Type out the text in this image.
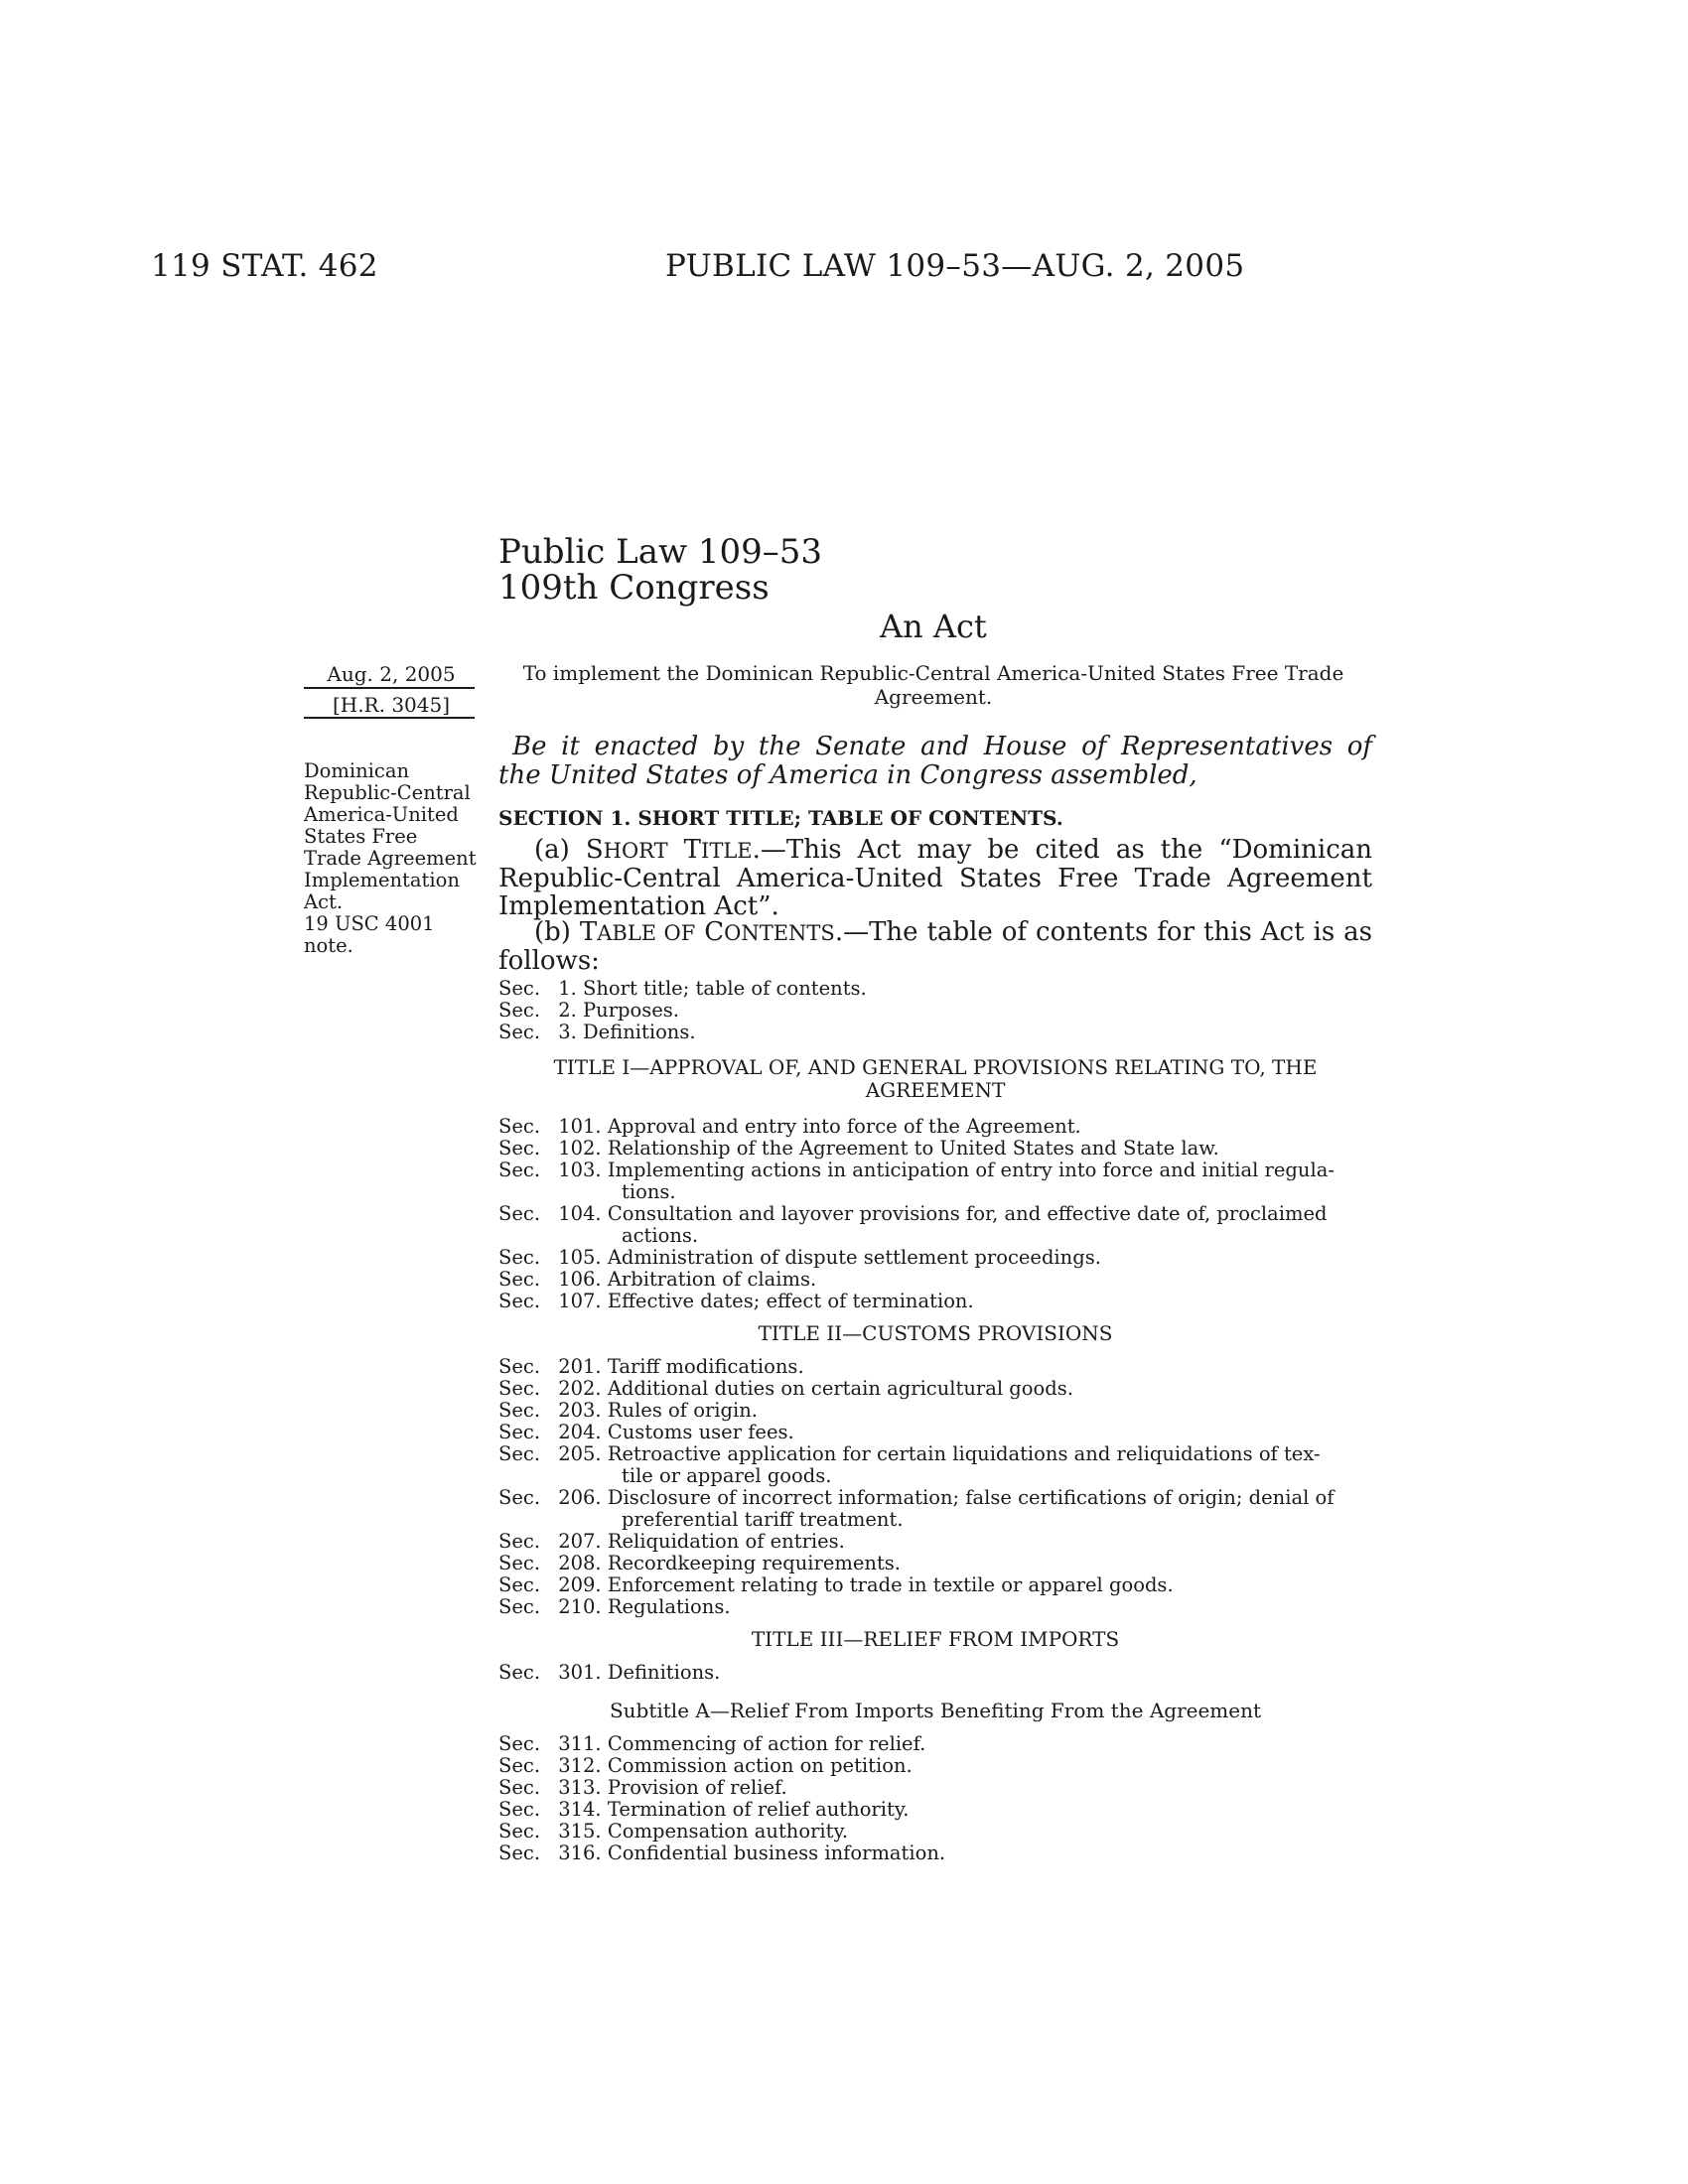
119 STAT. 462	PUBLIC LAW 109–53—AUG. 2, 2005
Public Law 109–53
109th Congress
An Act
Aug. 2, 2005
[H.R. 3045]
Dominican
Republic-Central
America-United
States Free
Trade Agreement
Implementation
Act.
19 USC 4001
note.
To implement the Dominican Republic-Central America-United States Free Trade
Agreement.
Be it enacted by the Senate and House of Representatives of
the United States of America in Congress assembled,
SECTION 1. SHORT TITLE; TABLE OF CONTENTS.
(a) SHORT TITLE.—This Act may be cited as the “Dominican Republic-Central America-United States Free Trade Agreement Implementation Act”.
(b) TABLE OF CONTENTS.—The table of contents for this Act is as follows:
Sec. 1. Short title; table of contents.
Sec. 2. Purposes.
Sec. 3. Definitions.
TITLE I—APPROVAL OF, AND GENERAL PROVISIONS RELATING TO, THE
AGREEMENT
Sec. 101. Approval and entry into force of the Agreement.
Sec. 102. Relationship of the Agreement to United States and State law.
Sec. 103. Implementing actions in anticipation of entry into force and initial regula-
tions.
Sec. 104. Consultation and layover provisions for, and effective date of, proclaimed
actions.
Sec. 105. Administration of dispute settlement proceedings.
Sec. 106. Arbitration of claims.
Sec. 107. Effective dates; effect of termination.
TITLE II—CUSTOMS PROVISIONS
Sec. 201. Tariff modifications.
Sec. 202. Additional duties on certain agricultural goods.
Sec. 203. Rules of origin.
Sec. 204. Customs user fees.
Sec. 205. Retroactive application for certain liquidations and reliquidations of tex-
tile or apparel goods.
Sec. 206. Disclosure of incorrect information; false certifications of origin; denial of
preferential tariff treatment.
Sec. 207. Reliquidation of entries.
Sec. 208. Recordkeeping requirements.
Sec. 209. Enforcement relating to trade in textile or apparel goods.
Sec. 210. Regulations.
TITLE III—RELIEF FROM IMPORTS
Sec. 301. Definitions.
Subtitle A—Relief From Imports Benefiting From the Agreement
Sec. 311. Commencing of action for relief.
Sec. 312. Commission action on petition.
Sec. 313. Provision of relief.
Sec. 314. Termination of relief authority.
Sec. 315. Compensation authority.
Sec. 316. Confidential business information.
